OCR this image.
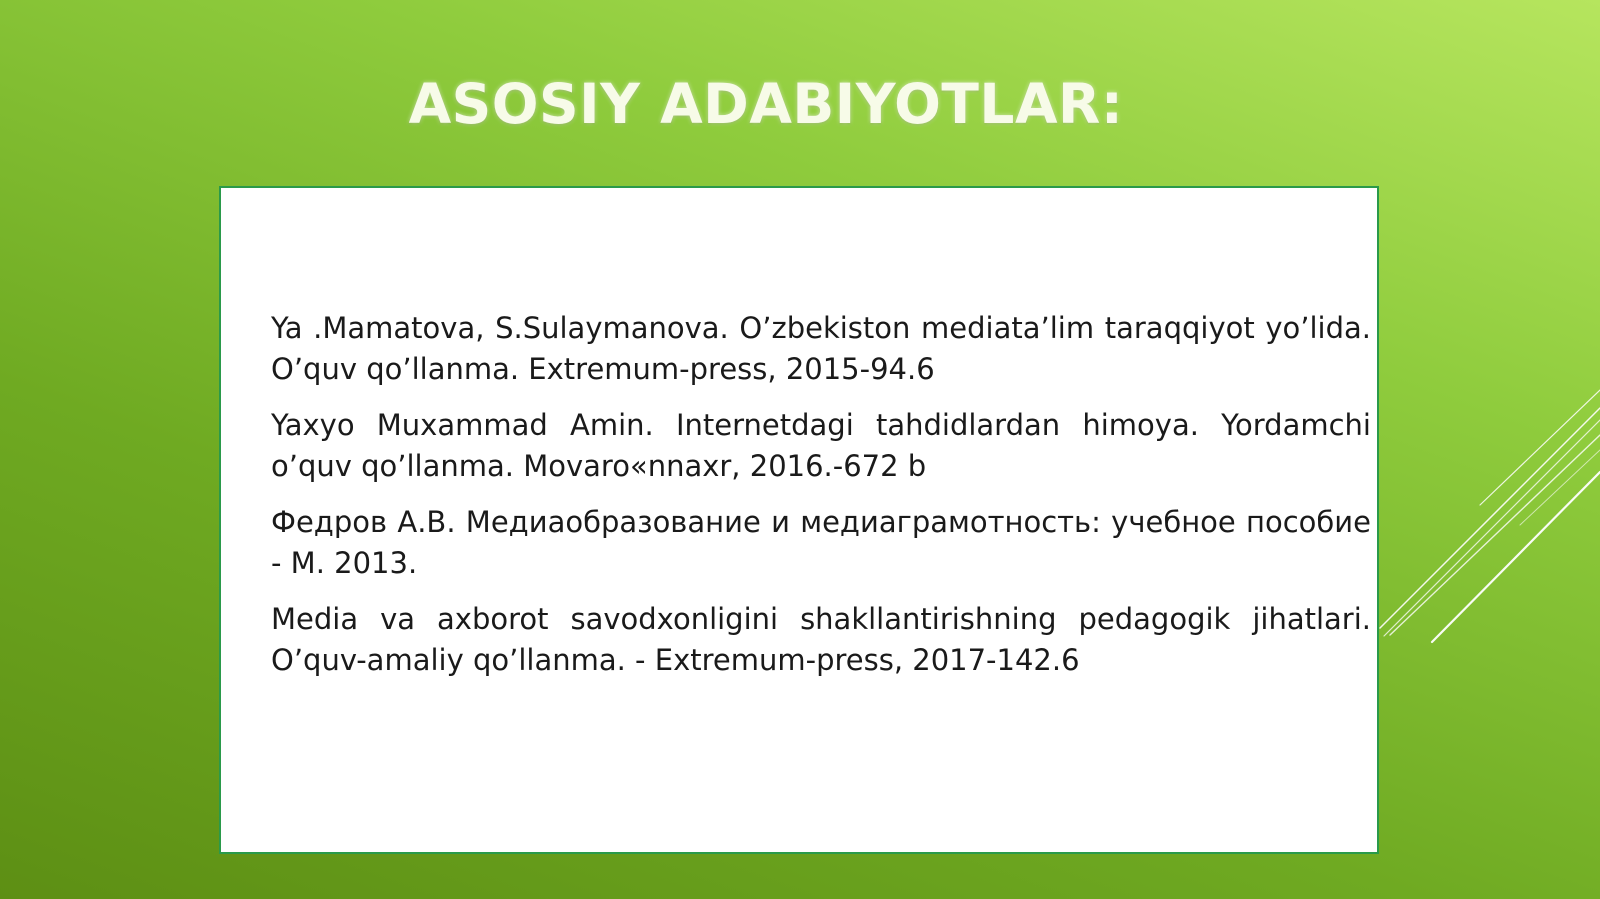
ASOSIY ADABIYOTLAR:
Ya .Mamatova, S.Sulaymanova. O’zbekiston mediata’lim taraqqiyot yo’lida. O’quv qo’llanma. Extremum-press, 2015-94.6
Yaxyo Muxammad Amin. Internetdagi tahdidlardan himoya. Yordamchi o’quv qo’llanma. Movaro«nnaxr, 2016.-672 b
Федров А.В. Медиаобразование и медиаграмотность: учебное пособие - М. 2013.
Media va axborot savodxonligini shakllantirishning pedagogik jihatlari. O’quv-amaliy qo’llanma. - Extremum-press, 2017-142.6
